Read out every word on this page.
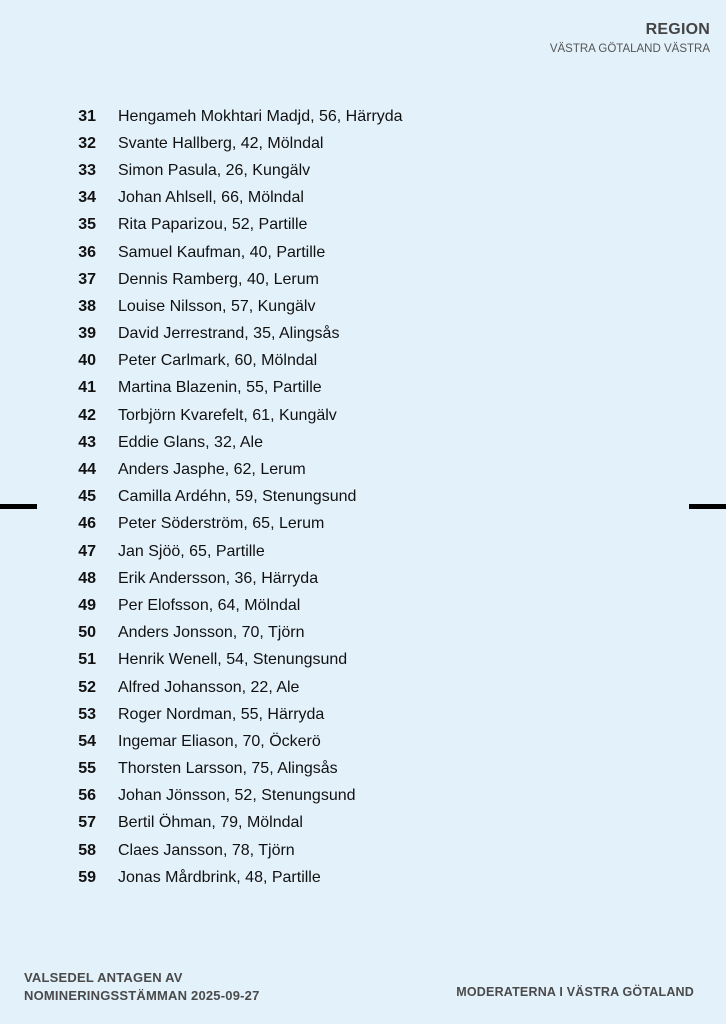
REGION
VÄSTRA GÖTALAND VÄSTRA
31 Hengameh Mokhtari Madjd, 56, Härryda
32 Svante Hallberg, 42, Mölndal
33 Simon Pasula, 26, Kungälv
34 Johan Ahlsell, 66, Mölndal
35 Rita Paparizou, 52, Partille
36 Samuel Kaufman, 40, Partille
37 Dennis Ramberg, 40, Lerum
38 Louise Nilsson, 57, Kungälv
39 David Jerrestrand, 35, Alingsås
40 Peter Carlmark, 60, Mölndal
41 Martina Blazenin, 55, Partille
42 Torbjörn Kvarefelt, 61, Kungälv
43 Eddie Glans, 32, Ale
44 Anders Jasphe, 62, Lerum
45 Camilla Ardéhn, 59, Stenungsund
46 Peter Söderström, 65, Lerum
47 Jan Sjöö, 65, Partille
48 Erik Andersson, 36, Härryda
49 Per Elofsson, 64, Mölndal
50 Anders Jonsson, 70, Tjörn
51 Henrik Wenell, 54, Stenungsund
52 Alfred Johansson, 22, Ale
53 Roger Nordman, 55, Härryda
54 Ingemar Eliason, 70, Öckerö
55 Thorsten Larsson, 75, Alingsås
56 Johan Jönsson, 52, Stenungsund
57 Bertil Öhman, 79, Mölndal
58 Claes Jansson, 78, Tjörn
59 Jonas Mårdbrink, 48, Partille
VALSEDEL ANTAGEN AV
NOMINERINGSSTÄMMAN 2025-09-27	MODERATERNA I VÄSTRA GÖTALAND
